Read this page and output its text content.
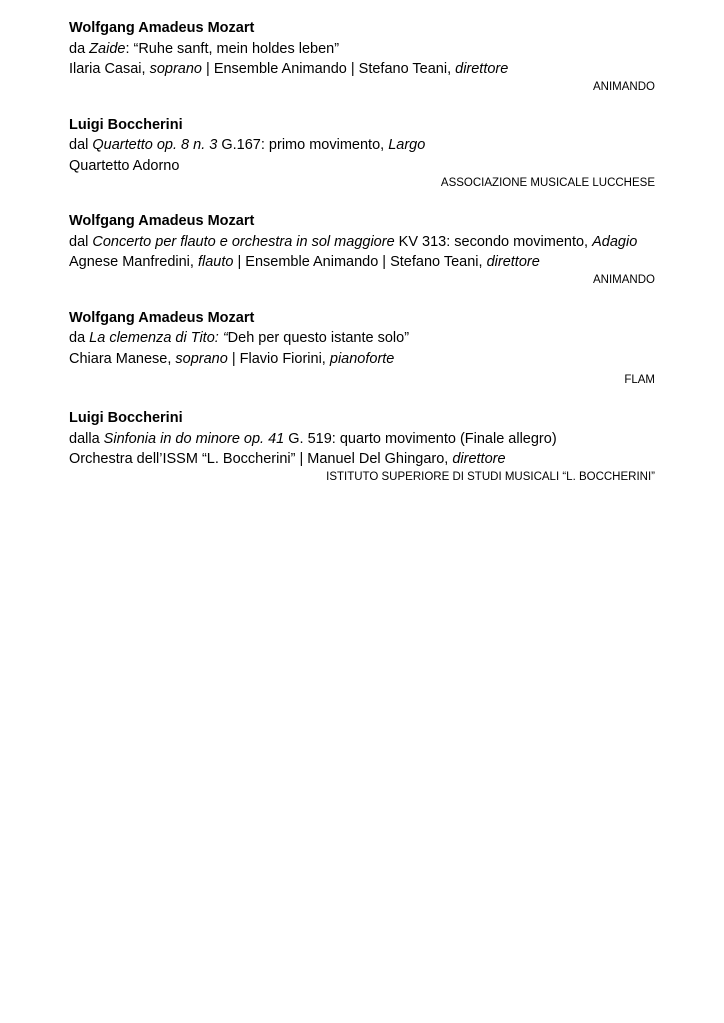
Wolfgang Amadeus Mozart
da Zaide: “Ruhe sanft, mein holdes leben”
Ilaria Casai, soprano | Ensemble Animando | Stefano Teani, direttore
ANIMANDO
Luigi Boccherini
dal Quartetto op. 8 n. 3 G.167: primo movimento, Largo
Quartetto Adorno
ASSOCIAZIONE MUSICALE LUCCHESE
Wolfgang Amadeus Mozart
dal Concerto per flauto e orchestra in sol maggiore KV 313: secondo movimento, Adagio
Agnese Manfredini, flauto | Ensemble Animando | Stefano Teani, direttore
ANIMANDO
Wolfgang Amadeus Mozart
da La clemenza di Tito: “Deh per questo istante solo”
Chiara Manese, soprano | Flavio Fiorini, pianoforte
FLAM
Luigi Boccherini
dalla Sinfonia in do minore op. 41 G. 519: quarto movimento (Finale allegro)
Orchestra dell’ISSM “L. Boccherini” | Manuel Del Ghingaro, direttore
ISTITUTO SUPERIORE DI STUDI MUSICALI “L. BOCCHERINI”
